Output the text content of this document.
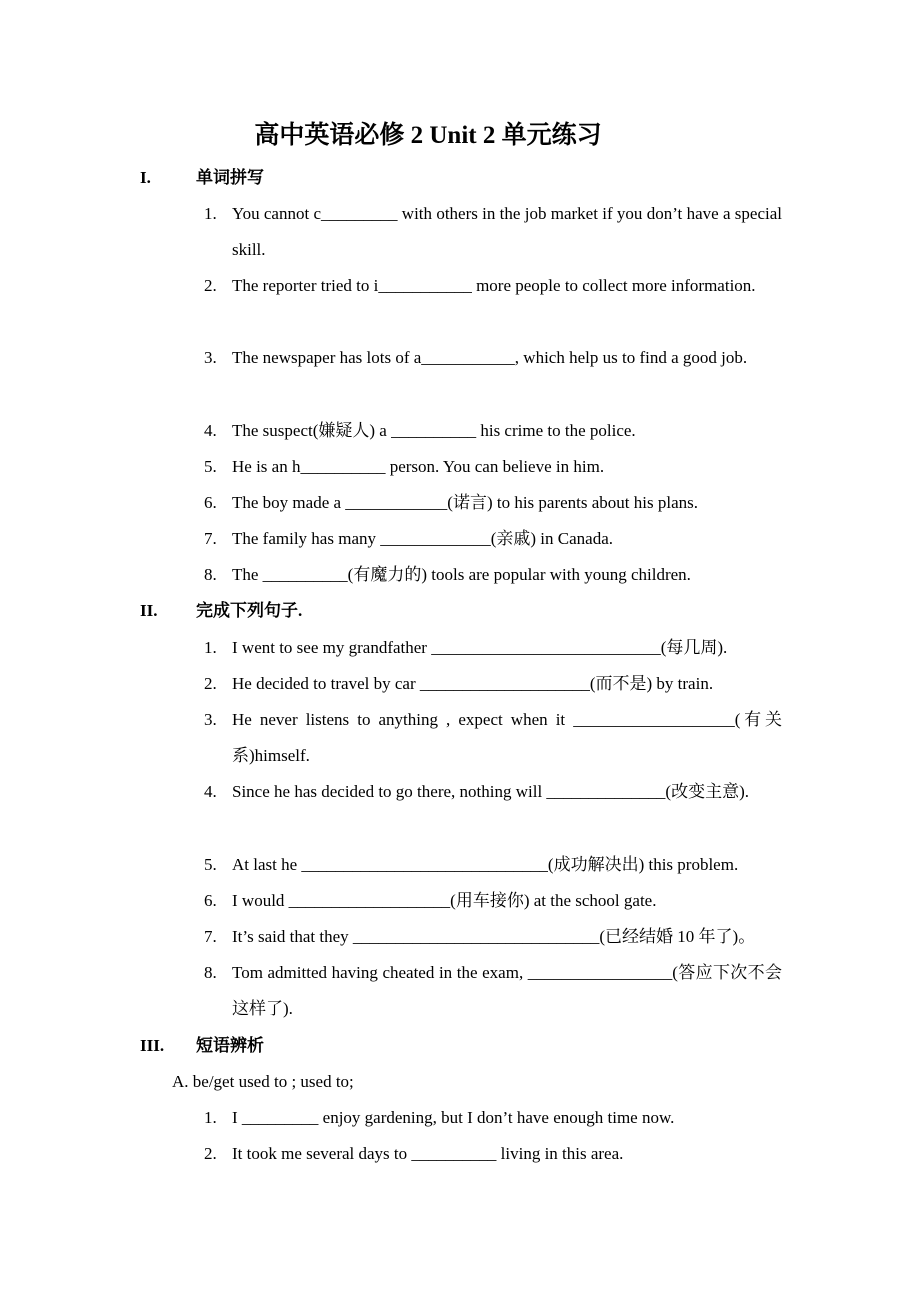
高中英语必修 2 Unit 2 单元练习
I.	单词拼写
1. You cannot c_________ with others in the job market if you don’t have a special skill.
2. The reporter tried to i___________ more people to collect more information.
3. The newspaper has lots of a___________, which help us to find a good job.
4. The suspect(嫌疑人) a __________ his crime to the police.
5. He is an h__________ person. You can believe in him.
6. The boy made a ____________(诺言) to his parents about his plans.
7. The family has many _____________(亲戚) in Canada.
8. The __________(有魔力的) tools are popular with young children.
II. 完成下列句子.
1. I went to see my grandfather ___________________________(每几周).
2. He decided to travel by car ____________________(而不是) by train.
3. He never listens to anything , expect when it ___________________(有关系)himself.
4. Since he has decided to go there, nothing will ______________(改变主意).
5. At last he _____________________________(成功解决出) this problem.
6. I would ___________________(用车接你) at the school gate.
7. It’s said that they _____________________________(已经结婚 10 年了)。
8. Tom admitted having cheated in the exam, _________________(答应下次不会这样了).
III. 短语辨析
A. be/get used to ; used to;
1. I _________ enjoy gardening, but I don’t have enough time now.
2. It took me several days to __________ living in this area.
